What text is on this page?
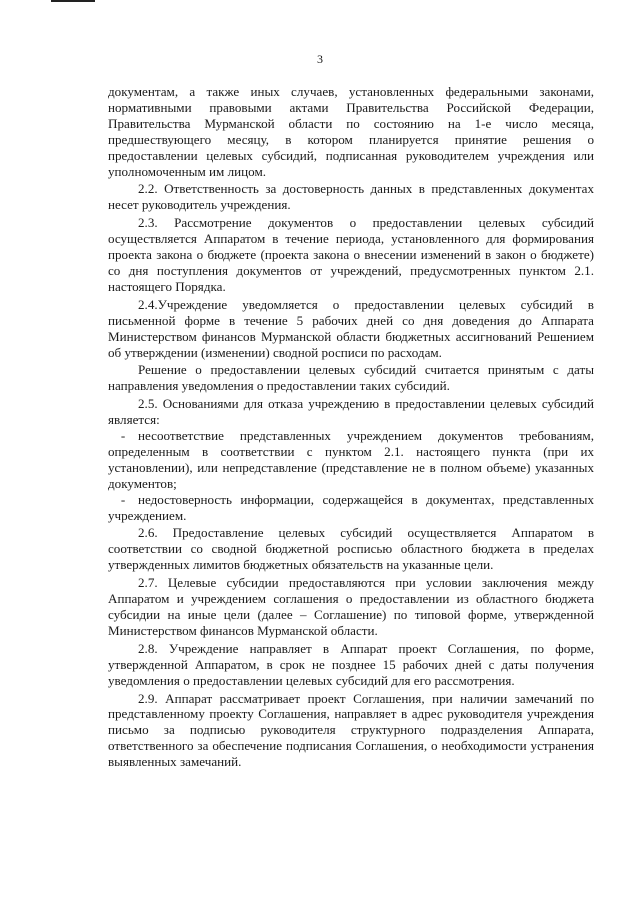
3

документам, а также иных случаев, установленных федеральными законами, нормативными правовыми актами Правительства Российской Федерации, Правительства Мурманской области по состоянию на 1-е число месяца, предшествующего месяцу, в котором планируется принятие решения о предоставлении целевых субсидий, подписанная руководителем учреждения или уполномоченным им лицом.

2.2. Ответственность за достоверность данных в представленных документах несет руководитель учреждения.

2.3. Рассмотрение документов о предоставлении целевых субсидий осуществляется Аппаратом в течение периода, установленного для формирования проекта закона о бюджете (проекта закона о внесении изменений в закон о бюджете) со дня поступления документов от учреждений, предусмотренных пунктом 2.1. настоящего Порядка.

2.4.Учреждение уведомляется о предоставлении целевых субсидий в письменной форме в течение 5 рабочих дней со дня доведения до Аппарата Министерством финансов Мурманской области бюджетных ассигнований Решением об утверждении (изменении) сводной росписи по расходам.

Решение о предоставлении целевых субсидий считается принятым с даты направления уведомления о предоставлении таких субсидий.

2.5. Основаниями для отказа учреждению в предоставлении целевых субсидий является:

- несоответствие представленных учреждением документов требованиям, определенным в соответствии с пунктом 2.1. настоящего пункта (при их установлении), или непредставление (представление не в полном объеме) указанных документов;

- недостоверность информации, содержащейся в документах, представленных учреждением.

2.6. Предоставление целевых субсидий осуществляется Аппаратом в соответствии со сводной бюджетной росписью областного бюджета в пределах утвержденных лимитов бюджетных обязательств на указанные цели.

2.7. Целевые субсидии предоставляются при условии заключения между Аппаратом и учреждением соглашения о предоставлении из областного бюджета субсидии на иные цели (далее – Соглашение) по типовой форме, утвержденной Министерством финансов Мурманской области.

2.8. Учреждение направляет в Аппарат проект Соглашения, по форме, утвержденной Аппаратом, в срок не позднее 15 рабочих дней с даты получения уведомления о предоставлении целевых субсидий для его рассмотрения.

2.9. Аппарат рассматривает проект Соглашения, при наличии замечаний по представленному проекту Соглашения, направляет в адрес руководителя учреждения письмо за подписью руководителя структурного подразделения Аппарата, ответственного за обеспечение подписания Соглашения, о необходимости устранения выявленных замечаний.
